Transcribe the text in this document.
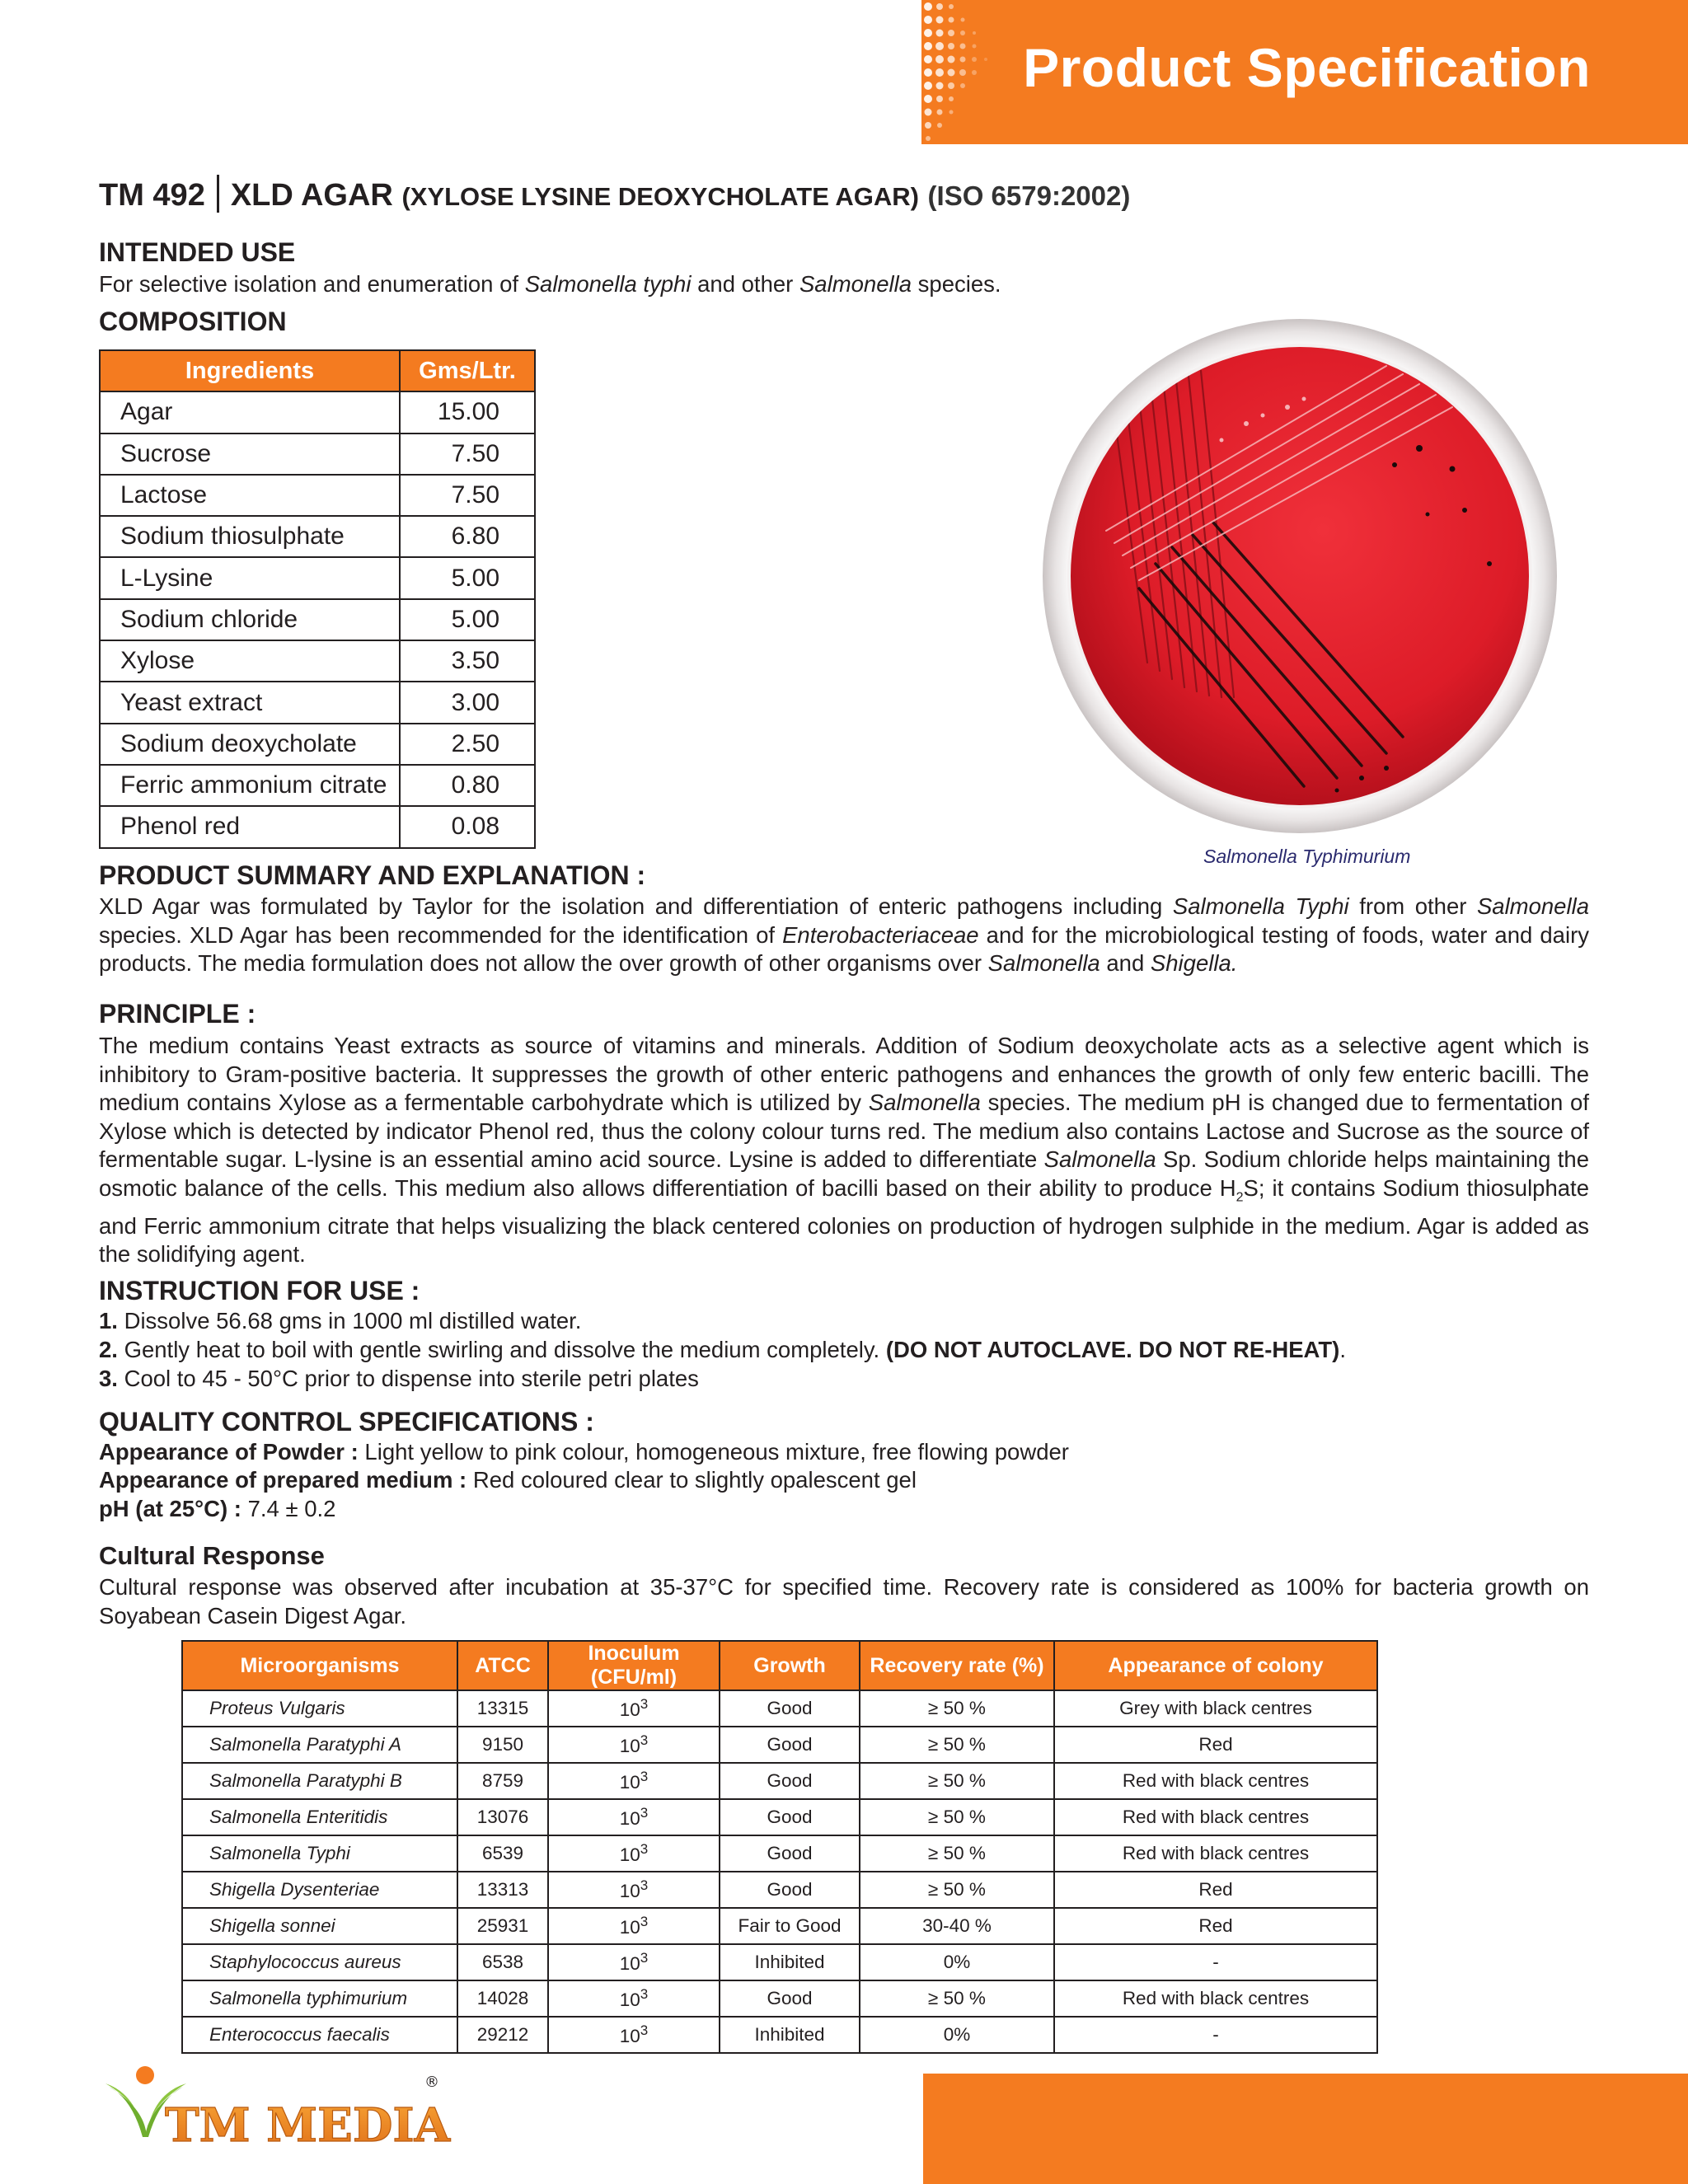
Product Specification
TM 492 XLD AGAR (XYLOSE LYSINE DEOXYCHOLATE AGAR) (ISO 6579:2002)
INTENDED USE
For selective isolation and enumeration of Salmonella typhi and other Salmonella species.
COMPOSITION
Ingredients	Gms/Ltr.
Agar	15.00
Sucrose	7.50
Lactose	7.50
Sodium thiosulphate	6.80
L-Lysine	5.00
Sodium chloride	5.00
Xylose	3.50
Yeast extract	3.00
Sodium deoxycholate	2.50
Ferric ammonium citrate	0.80
Phenol red	0.08
Salmonella Typhimurium
PRODUCT SUMMARY AND EXPLANATION :
XLD Agar was formulated by Taylor for the isolation and differentiation of enteric pathogens including Salmonella Typhi from other Salmonella species. XLD Agar has been recommended for the identification of Enterobacteriaceae and for the microbiological testing of foods, water and dairy products. The media formulation does not allow the over growth of other organisms over Salmonella and Shigella.
PRINCIPLE :
The medium contains Yeast extracts as source of vitamins and minerals. Addition of Sodium deoxycholate acts as a selective agent which is inhibitory to Gram-positive bacteria. It suppresses the growth of other enteric pathogens and enhances the growth of only few enteric bacilli. The medium contains Xylose as a fermentable carbohydrate which is utilized by Salmonella species. The medium pH is changed due to fermentation of Xylose which is detected by indicator Phenol red, thus the colony colour turns red. The medium also contains Lactose and Sucrose as the source of fermentable sugar. L-lysine is an essential amino acid source. Lysine is added to differentiate Salmonella Sp. Sodium chloride helps maintaining the osmotic balance of the cells. This medium also allows differentiation of bacilli based on their ability to produce $H_2S$; it contains Sodium thiosulphate and Ferric ammonium citrate that helps visualizing the black centered colonies on production of hydrogen sulphide in the medium. Agar is added as the solidifying agent.
INSTRUCTION FOR USE :
1. Dissolve 56.68 gms in 1000 ml distilled water.
2. Gently heat to boil with gentle swirling and dissolve the medium completely. (DO NOT AUTOCLAVE. DO NOT RE-HEAT).
3. Cool to 45 - 50°C prior to dispense into sterile petri plates
QUALITY CONTROL SPECIFICATIONS :
Appearance of Powder : Light yellow to pink colour, homogeneous mixture, free flowing powder
Appearance of prepared medium : Red coloured clear to slightly opalescent gel
pH (at 25°C) : 7.4 ± 0.2
Cultural Response
Cultural response was observed after incubation at 35-37°C for specified time. Recovery rate is considered as 100% for bacteria growth on Soyabean Casein Digest Agar.
Microorganisms	ATCC	Inoculum (CFU/ml)	Growth	Recovery rate (%)	Appearance of colony
Proteus Vulgaris	13315	$10^3$	Good	≥ 50 %	Grey with black centres
Salmonella Paratyphi A	9150	$10^3$	Good	≥ 50 %	Red
Salmonella Paratyphi B	8759	$10^3$	Good	≥ 50 %	Red with black centres
Salmonella Enteritidis	13076	$10^3$	Good	≥ 50 %	Red with black centres
Salmonella Typhi	6539	$10^3$	Good	≥ 50 %	Red with black centres
Shigella Dysenteriae	13313	$10^3$	Good	≥ 50 %	Red
Shigella sonnei	25931	$10^3$	Fair to Good	30-40 %	Red
Staphylococcus aureus	6538	$10^3$	Inhibited	0%	-
Salmonella typhimurium	14028	$10^3$	Good	≥ 50 %	Red with black centres
Enterococcus faecalis	29212	$10^3$	Inhibited	0%	-
TM MEDIA
®
